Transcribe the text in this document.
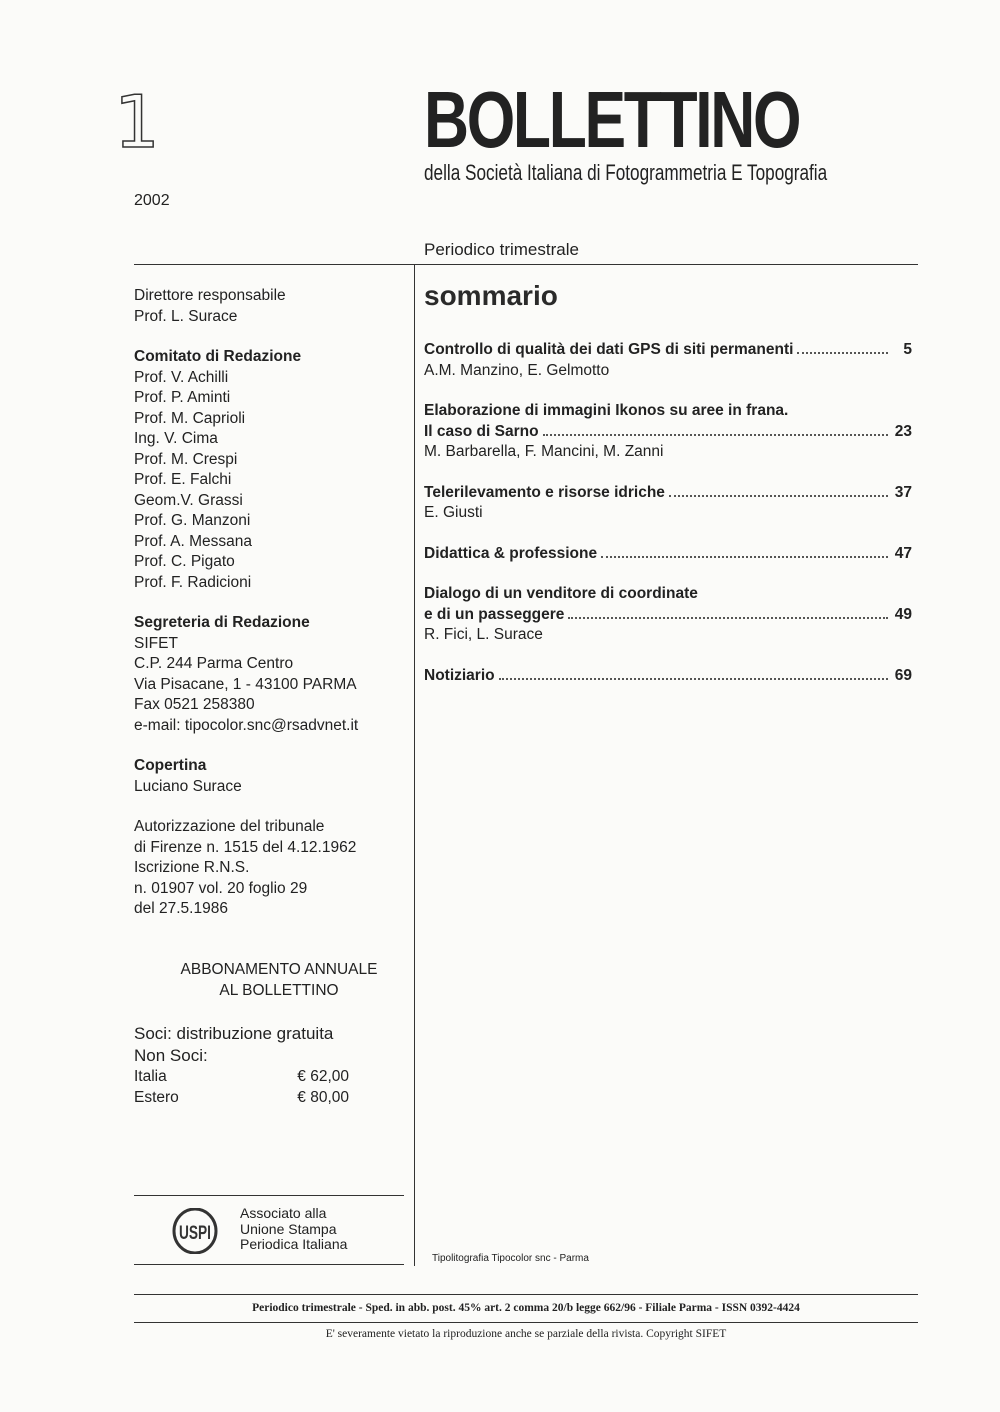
1
2002
BOLLETTINO
della Società Italiana di Fotogrammetria E Topografia
Periodico trimestrale
Direttore responsabile
Prof. L. Surace
Comitato di Redazione
Prof. V. Achilli
Prof. P. Aminti
Prof. M. Caprioli
Ing. V. Cima
Prof. M. Crespi
Prof. E. Falchi
Geom.V. Grassi
Prof. G. Manzoni
Prof. A. Messana
Prof. C. Pigato
Prof. F. Radicioni
Segreteria di Redazione
SIFET
C.P. 244 Parma Centro
Via Pisacane, 1 - 43100 PARMA
Fax 0521 258380
e-mail: tipocolor.snc@rsadvnet.it
Copertina
Luciano Surace
Autorizzazione del tribunale
di Firenze n. 1515 del 4.12.1962
Iscrizione R.N.S.
n. 01907 vol. 20 foglio 29
del 27.5.1986
ABBONAMENTO ANNUALE
AL BOLLETTINO
Soci: distribuzione gratuita
Non Soci:
Italia	€ 62,00
Estero	€ 80,00
sommario
Controllo di qualità dei dati GPS di siti permanenti	5
A.M. Manzino, E. Gelmotto
Elaborazione di immagini Ikonos su aree in frana.
Il caso di Sarno	23
M. Barbarella, F. Mancini, M. Zanni
Telerilevamento e risorse idriche	37
E. Giusti
Didattica & professione	47
Dialogo di un venditore di coordinate
e di un passeggere	49
R. Fici, L. Surace
Notiziario	69
USPI
Associato alla
Unione Stampa
Periodica Italiana
Tipolitografia Tipocolor snc - Parma
Periodico trimestrale - Sped. in abb. post. 45% art. 2 comma 20/b legge 662/96 - Filiale Parma - ISSN 0392-4424
E' severamente vietato la riproduzione anche se parziale della rivista. Copyright SIFET
